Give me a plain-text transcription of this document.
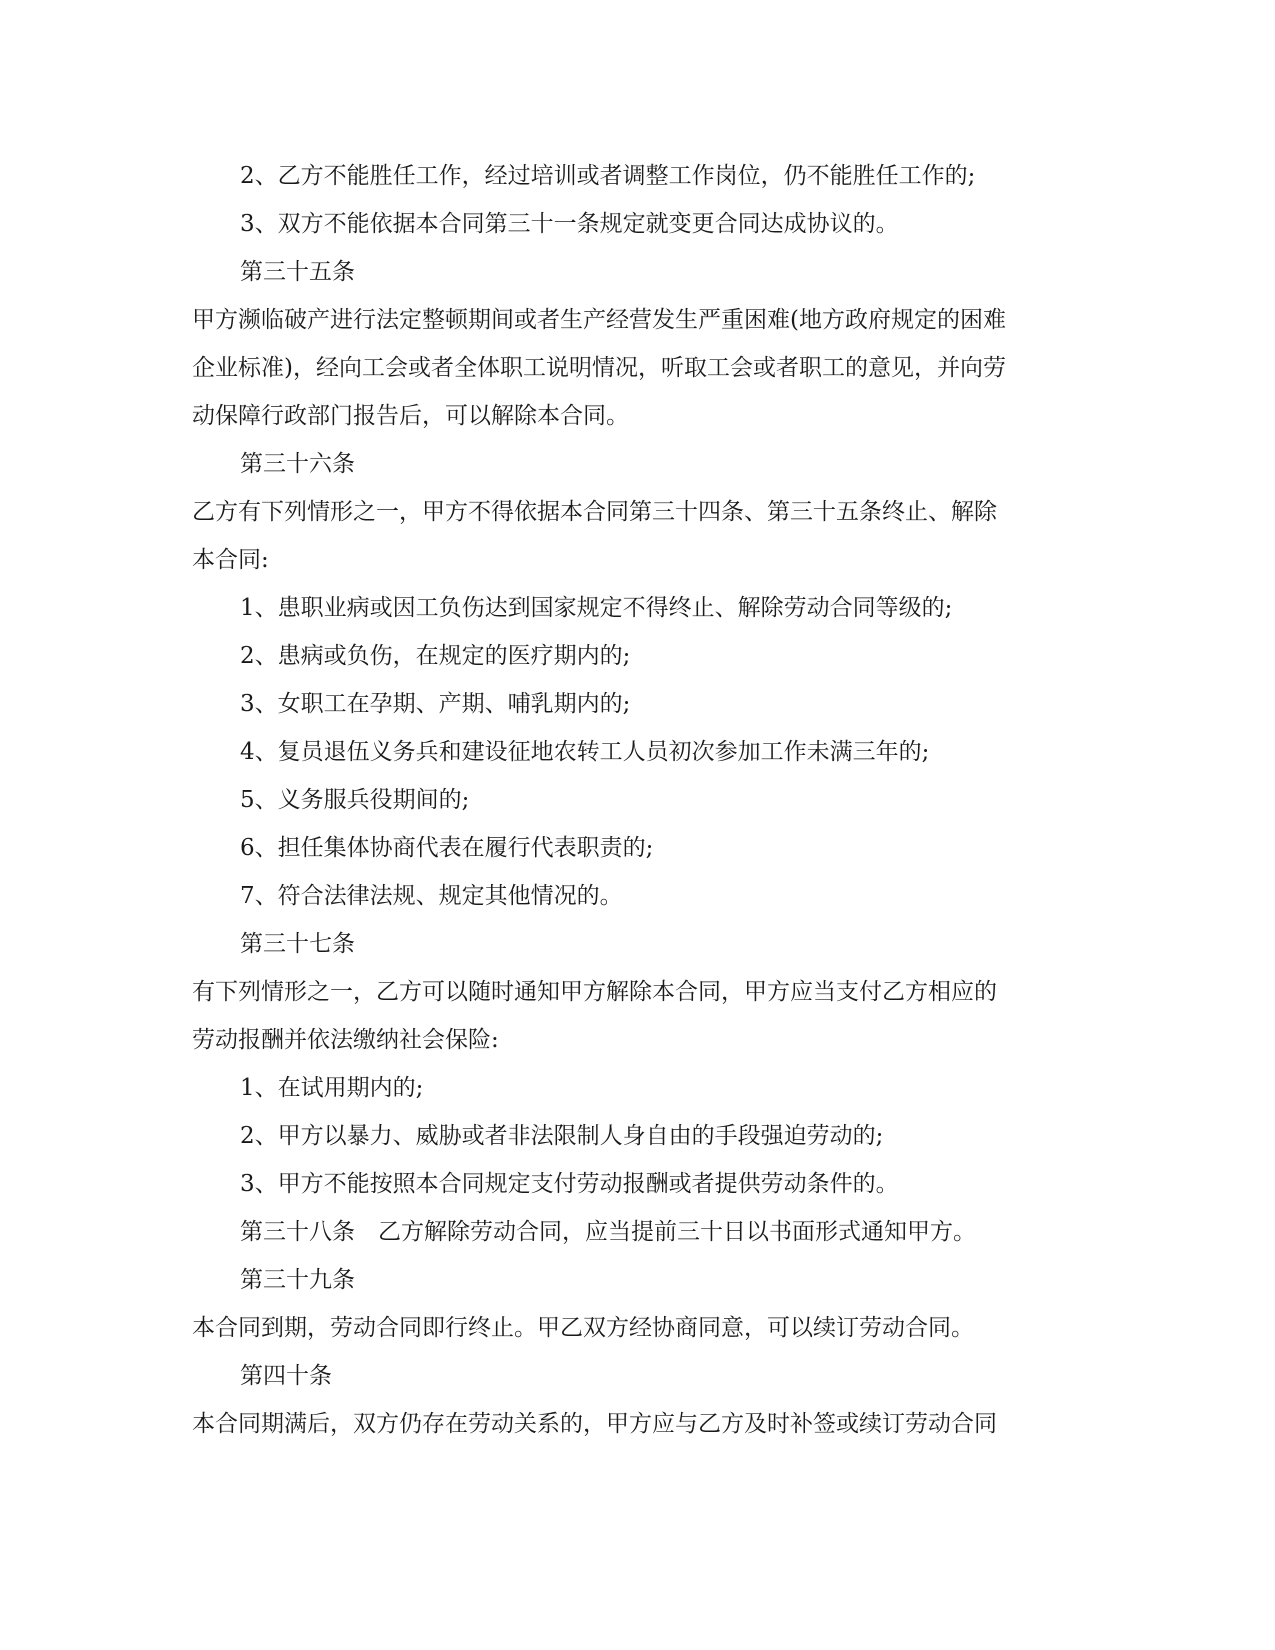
2、乙方不能胜任工作，经过培训或者调整工作岗位，仍不能胜任工作的;

3、双方不能依据本合同第三十一条规定就变更合同达成协议的。

第三十五条

甲方濒临破产进行法定整顿期间或者生产经营发生严重困难(地方政府规定的困难

企业标准)，经向工会或者全体职工说明情况，听取工会或者职工的意见，并向劳

动保障行政部门报告后，可以解除本合同。

第三十六条

乙方有下列情形之一，甲方不得依据本合同第三十四条、第三十五条终止、解除

本合同:

1、患职业病或因工负伤达到国家规定不得终止、解除劳动合同等级的;

2、患病或负伤，在规定的医疗期内的;

3、女职工在孕期、产期、哺乳期内的;

4、复员退伍义务兵和建设征地农转工人员初次参加工作未满三年的;

5、义务服兵役期间的;

6、担任集体协商代表在履行代表职责的;

7、符合法律法规、规定其他情况的。

第三十七条

有下列情形之一，乙方可以随时通知甲方解除本合同，甲方应当支付乙方相应的

劳动报酬并依法缴纳社会保险:

1、在试用期内的;

2、甲方以暴力、威胁或者非法限制人身自由的手段强迫劳动的;

3、甲方不能按照本合同规定支付劳动报酬或者提供劳动条件的。

第三十八条　乙方解除劳动合同，应当提前三十日以书面形式通知甲方。

第三十九条

本合同到期，劳动合同即行终止。甲乙双方经协商同意，可以续订劳动合同。

第四十条

本合同期满后，双方仍存在劳动关系的，甲方应与乙方及时补签或续订劳动合同
